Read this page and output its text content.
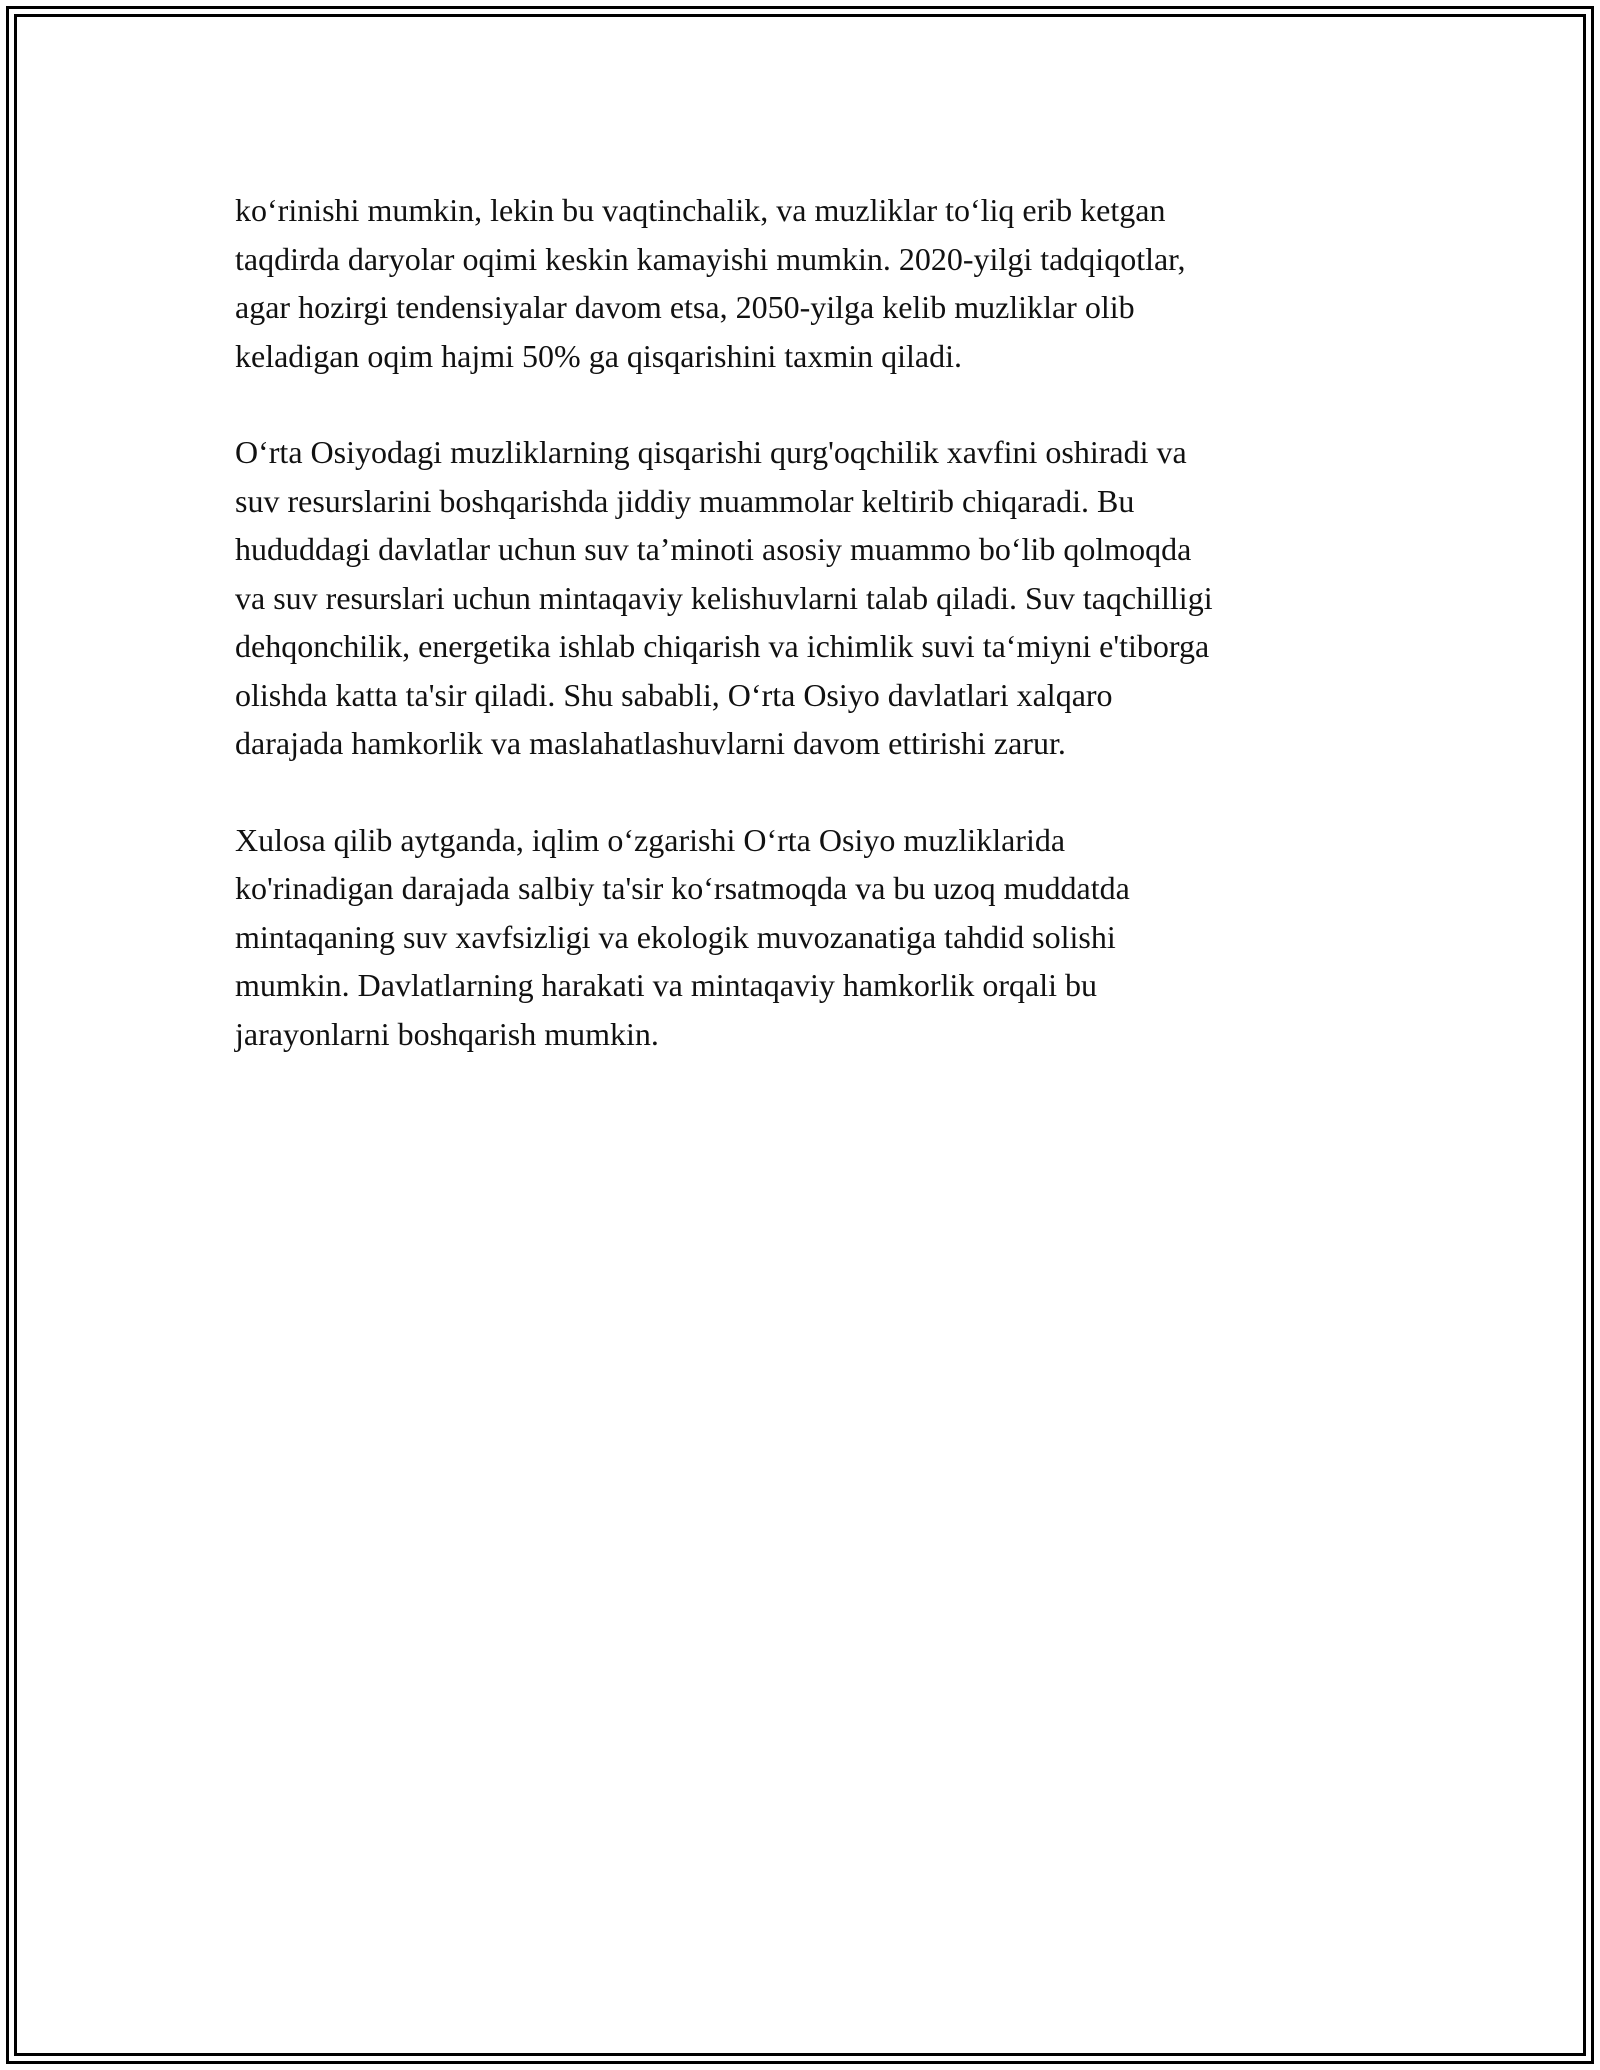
ko‘rinishi mumkin, lekin bu vaqtinchalik, va muzliklar to‘liq erib ketgan
taqdirda daryolar oqimi keskin kamayishi mumkin. 2020-yilgi tadqiqotlar,
agar hozirgi tendensiyalar davom etsa, 2050-yilga kelib muzliklar olib
keladigan oqim hajmi 50% ga qisqarishini taxmin qiladi.

O‘rta Osiyodagi muzliklarning qisqarishi qurg'oqchilik xavfini oshiradi va
suv resurslarini boshqarishda jiddiy muammolar keltirib chiqaradi. Bu
hududdagi davlatlar uchun suv ta’minoti asosiy muammo bo‘lib qolmoqda
va suv resurslari uchun mintaqaviy kelishuvlarni talab qiladi. Suv taqchilligi
dehqonchilik, energetika ishlab chiqarish va ichimlik suvi ta‘miyni e'tiborga
olishda katta ta'sir qiladi. Shu sababli, O‘rta Osiyo davlatlari xalqaro
darajada hamkorlik va maslahatlashuvlarni davom ettirishi zarur.

Xulosa qilib aytganda, iqlim o‘zgarishi O‘rta Osiyo muzliklarida
ko'rinadigan darajada salbiy ta'sir ko‘rsatmoqda va bu uzoq muddatda
mintaqaning suv xavfsizligi va ekologik muvozanatiga tahdid solishi
mumkin. Davlatlarning harakati va mintaqaviy hamkorlik orqali bu
jarayonlarni boshqarish mumkin.
